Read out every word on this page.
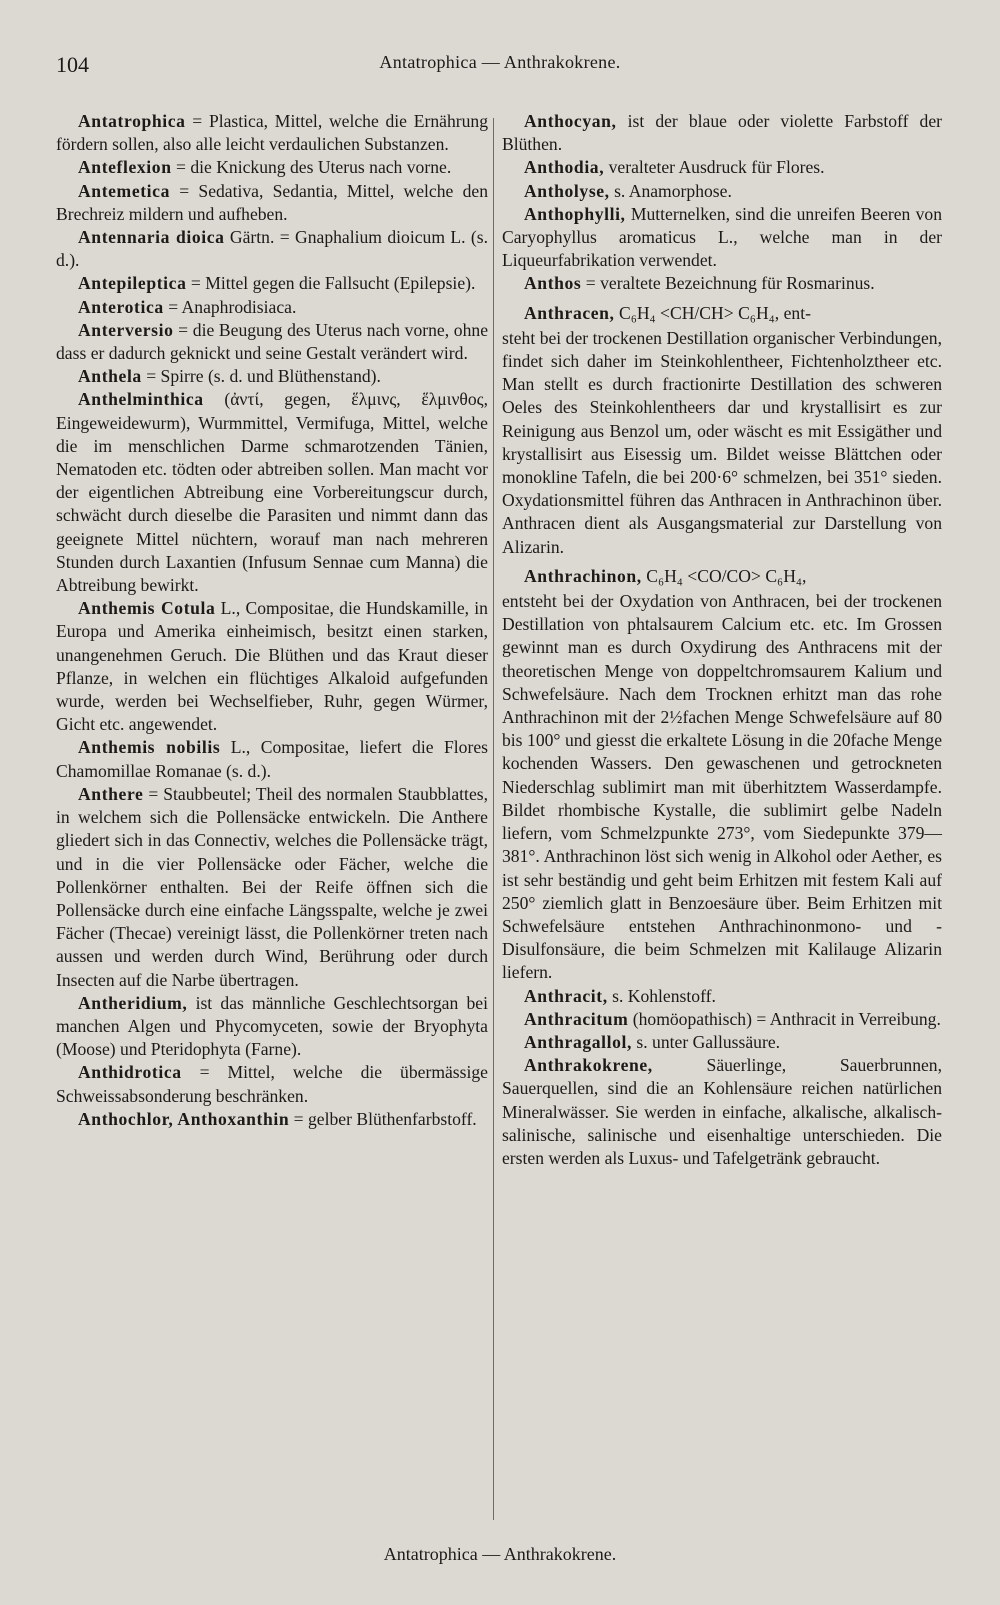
104	Antatrophica — Anthrakokrene.

Antatrophica = Plastica, Mittel, welche die Ernährung fördern sollen, also alle leicht verdaulichen Substanzen.

Anteflexion = die Knickung des Uterus nach vorne.

Antemetica = Sedativa, Sedantia, Mittel, welche den Brechreiz mildern und aufheben.

Antennaria dioica Gärtn. = Gnaphalium dioicum L. (s. d.).

Antepileptica = Mittel gegen die Fallsucht (Epilepsie).

Anterotica = Anaphrodisiaca.

Anterversio = die Beugung des Uterus nach vorne, ohne dass er dadurch geknickt und seine Gestalt verändert wird.

Anthela = Spirre (s. d. und Blüthenstand).

Anthelminthica (ἀντί, gegen, ἕλμινς, ἕλμινθος, Eingeweidewurm), Wurmmittel, Vermifuga, Mittel, welche die im menschlichen Darme schmarotzenden Tänien, Nematoden etc. tödten oder abtreiben sollen. Man macht vor der eigentlichen Abtreibung eine Vorbereitungscur durch, schwächt durch dieselbe die Parasiten und nimmt dann das geeignete Mittel nüchtern, worauf man nach mehreren Stunden durch Laxantien (Infusum Sennae cum Manna) die Abtreibung bewirkt.

Anthemis Cotula L., Compositae, die Hundskamille, in Europa und Amerika einheimisch, besitzt einen starken, unangenehmen Geruch. Die Blüthen und das Kraut dieser Pflanze, in welchen ein flüchtiges Alkaloid aufgefunden wurde, werden bei Wechselfieber, Ruhr, gegen Würmer, Gicht etc. angewendet.

Anthemis nobilis L., Compositae, liefert die Flores Chamomillae Romanae (s. d.).

Anthere = Staubbeutel; Theil des normalen Staubblattes, in welchem sich die Pollensäcke entwickeln. Die Anthere gliedert sich in das Connectiv, welches die Pollensäcke trägt, und in die vier Pollensäcke oder Fächer, welche die Pollenkörner enthalten. Bei der Reife öffnen sich die Pollensäcke durch eine einfache Längsspalte, welche je zwei Fächer (Thecae) vereinigt lässt, die Pollenkörner treten nach aussen und werden durch Wind, Berührung oder durch Insecten auf die Narbe übertragen.

Antheridium, ist das männliche Geschlechtsorgan bei manchen Algen und Phycomyceten, sowie der Bryophyta (Moose) und Pteridophyta (Farne).

Anthidrotica = Mittel, welche die übermässige Schweissabsonderung beschränken.

Anthochlor, Anthoxanthin = gelber Blüthenfarbstoff.

Anthocyan, ist der blaue oder violette Farbstoff der Blüthen.

Anthodia, veralteter Ausdruck für Flores.

Antholyse, s. Anamorphose.

Anthophylli, Mutternelken, sind die unreifen Beeren von Caryophyllus aromaticus L., welche man in der Liqueurfabrikation verwendet.

Anthos = veraltete Bezeichnung für Rosmarinus.

Anthracen, C₆H₄ <CH/CH> C₆H₄, ent-

steht bei der trockenen Destillation organischer Verbindungen, findet sich daher im Steinkohlentheer, Fichtenholztheer etc. Man stellt es durch fractionirte Destillation des schweren Oeles des Steinkohlentheers dar und krystallisirt es zur Reinigung aus Benzol um, oder wäscht es mit Essigäther und krystallisirt aus Eisessig um. Bildet weisse Blättchen oder monokline Tafeln, die bei 200·6° schmelzen, bei 351° sieden. Oxydationsmittel führen das Anthracen in Anthrachinon über. Anthracen dient als Ausgangsmaterial zur Darstellung von Alizarin.

Anthrachinon, C₆H₄ <CO/CO> C₆H₄,

entsteht bei der Oxydation von Anthracen, bei der trockenen Destillation von phtalsaurem Calcium etc. etc. Im Grossen gewinnt man es durch Oxydirung des Anthracens mit der theoretischen Menge von doppeltchromsaurem Kalium und Schwefelsäure. Nach dem Trocknen erhitzt man das rohe Anthrachinon mit der 2½fachen Menge Schwefelsäure auf 80 bis 100° und giesst die erkaltete Lösung in die 20fache Menge kochenden Wassers. Den gewaschenen und getrockneten Niederschlag sublimirt man mit überhitztem Wasserdampfe. Bildet rhombische Kystalle, die sublimirt gelbe Nadeln liefern, vom Schmelzpunkte 273°, vom Siedepunkte 379—381°. Anthrachinon löst sich wenig in Alkohol oder Aether, es ist sehr beständig und geht beim Erhitzen mit festem Kali auf 250° ziemlich glatt in Benzoesäure über. Beim Erhitzen mit Schwefelsäure entstehen Anthrachinonmono- und -Disulfonsäure, die beim Schmelzen mit Kalilauge Alizarin liefern.

Anthracit, s. Kohlenstoff.

Anthracitum (homöopathisch) = Anthracit in Verreibung.

Anthragallol, s. unter Gallussäure.

Anthrakokrene, Säuerlinge, Sauerbrunnen, Sauerquellen, sind die an Kohlensäure reichen natürlichen Mineralwässer. Sie werden in einfache, alkalische, alkalisch-salinische, salinische und eisenhaltige unterschieden. Die ersten werden als Luxus- und Tafelgetränk gebraucht.

Antatrophica — Anthrakokrene.
